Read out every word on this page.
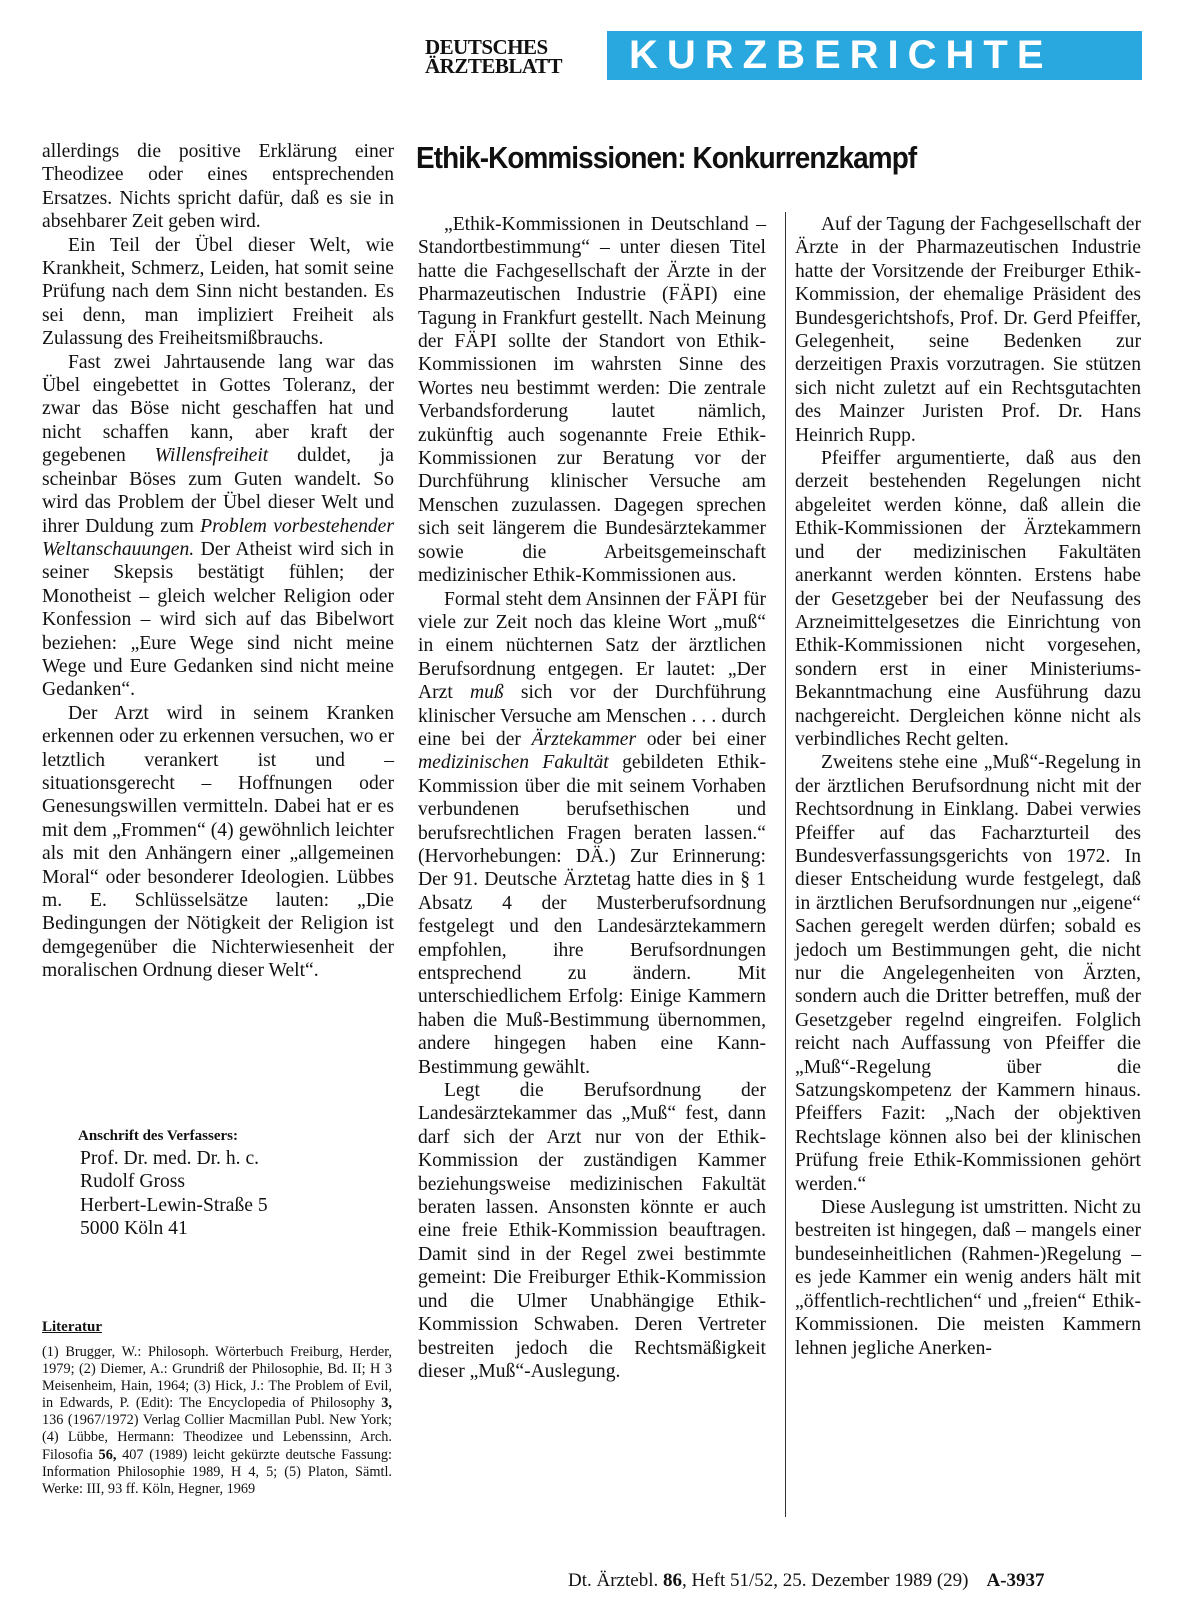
DEUTSCHES
ÄRZTEBLATT	KURZBERICHTE

allerdings die positive Erklärung einer Theodizee oder eines entsprechenden Ersatzes. Nichts spricht dafür, daß es sie in absehbarer Zeit geben wird.

Ein Teil der Übel dieser Welt, wie Krankheit, Schmerz, Leiden, hat somit seine Prüfung nach dem Sinn nicht bestanden. Es sei denn, man impliziert Freiheit als Zulassung des Freiheitsmißbrauchs.

Fast zwei Jahrtausende lang war das Übel eingebettet in Gottes Toleranz, der zwar das Böse nicht geschaffen hat und nicht schaffen kann, aber kraft der gegebenen Willensfreiheit duldet, ja scheinbar Böses zum Guten wandelt. So wird das Problem der Übel dieser Welt und ihrer Duldung zum Problem vorbestehender Weltanschauungen. Der Atheist wird sich in seiner Skepsis bestätigt fühlen; der Monotheist – gleich welcher Religion oder Konfession – wird sich auf das Bibelwort beziehen: „Eure Wege sind nicht meine Wege und Eure Gedanken sind nicht meine Gedanken“.

Der Arzt wird in seinem Kranken erkennen oder zu erkennen versuchen, wo er letztlich verankert ist und – situationsgerecht – Hoffnungen oder Genesungswillen vermitteln. Dabei hat er es mit dem „Frommen“ (4) gewöhnlich leichter als mit den Anhängern einer „allgemeinen Moral“ oder besonderer Ideologien. Lübbes m. E. Schlüsselsätze lauten: „Die Bedingungen der Nötigkeit der Religion ist demgegenüber die Nichterwiesenheit der moralischen Ordnung dieser Welt“.

Anschrift des Verfassers:
Prof. Dr. med. Dr. h. c.
Rudolf Gross
Herbert-Lewin-Straße 5
5000 Köln 41
Literatur
(1) Brugger, W.: Philosoph. Wörterbuch Freiburg, Herder, 1979; (2) Diemer, A.: Grundriß der Philosophie, Bd. II; H 3 Meisenheim, Hain, 1964; (3) Hick, J.: The Problem of Evil, in Edwards, P. (Edit): The Encyclopedia of Philosophy 3, 136 (1967/1972) Verlag Collier Macmillan Publ. New York; (4) Lübbe, Hermann: Theodizee und Lebenssinn, Arch. Filosofia 56, 407 (1989) leicht gekürzte deutsche Fassung: Information Philosophie 1989, H 4, 5; (5) Platon, Sämtl. Werke: III, 93 ff. Köln, Hegner, 1969
Ethik-Kommissionen: Konkurrenzkampf

„Ethik-Kommissionen in Deutschland – Standortbestimmung“ – unter diesen Titel hatte die Fachgesellschaft der Ärzte in der Pharmazeutischen Industrie (FÄPI) eine Tagung in Frankfurt gestellt. Nach Meinung der FÄPI sollte der Standort von Ethik-Kommissionen im wahrsten Sinne des Wortes neu bestimmt werden: Die zentrale Verbandsforderung lautet nämlich, zukünftig auch sogenannte Freie Ethik-Kommissionen zur Beratung vor der Durchführung klinischer Versuche am Menschen zuzulassen. Dagegen sprechen sich seit längerem die Bundesärztekammer sowie die Arbeitsgemeinschaft medizinischer Ethik-Kommissionen aus.

Formal steht dem Ansinnen der FÄPI für viele zur Zeit noch das kleine Wort „muß“ in einem nüchternen Satz der ärztlichen Berufsordnung entgegen. Er lautet: „Der Arzt muß sich vor der Durchführung klinischer Versuche am Menschen . . . durch eine bei der Ärztekammer oder bei einer medizinischen Fakultät gebildeten Ethik-Kommission über die mit seinem Vorhaben verbundenen berufsethischen und berufsrechtlichen Fragen beraten lassen.“ (Hervorhebungen: DÄ.) Zur Erinnerung: Der 91. Deutsche Ärztetag hatte dies in § 1 Absatz 4 der Musterberufsordnung festgelegt und den Landesärztekammern empfohlen, ihre Berufsordnungen entsprechend zu ändern. Mit unterschiedlichem Erfolg: Einige Kammern haben die Muß-Bestimmung übernommen, andere hingegen haben eine Kann-Bestimmung gewählt.

Legt die Berufsordnung der Landesärztekammer das „Muß“ fest, dann darf sich der Arzt nur von der Ethik-Kommission der zuständigen Kammer beziehungsweise medizinischen Fakultät beraten lassen. Ansonsten könnte er auch eine freie Ethik-Kommission beauftragen. Damit sind in der Regel zwei bestimmte gemeint: Die Freiburger Ethik-Kommission und die Ulmer Unabhängige Ethik-Kommission Schwaben. Deren Vertreter bestreiten jedoch die Rechtsmäßigkeit dieser „Muß“-Auslegung.

Auf der Tagung der Fachgesellschaft der Ärzte in der Pharmazeutischen Industrie hatte der Vorsitzende der Freiburger Ethik-Kommission, der ehemalige Präsident des Bundesgerichtshofs, Prof. Dr. Gerd Pfeiffer, Gelegenheit, seine Bedenken zur derzeitigen Praxis vorzutragen. Sie stützen sich nicht zuletzt auf ein Rechtsgutachten des Mainzer Juristen Prof. Dr. Hans Heinrich Rupp.

Pfeiffer argumentierte, daß aus den derzeit bestehenden Regelungen nicht abgeleitet werden könne, daß allein die Ethik-Kommissionen der Ärztekammern und der medizinischen Fakultäten anerkannt werden könnten. Erstens habe der Gesetzgeber bei der Neufassung des Arzneimittelgesetzes die Einrichtung von Ethik-Kommissionen nicht vorgesehen, sondern erst in einer Ministeriums-Bekanntmachung eine Ausführung dazu nachgereicht. Dergleichen könne nicht als verbindliches Recht gelten.

Zweitens stehe eine „Muß“-Regelung in der ärztlichen Berufsordnung nicht mit der Rechtsordnung in Einklang. Dabei verwies Pfeiffer auf das Facharzturteil des Bundesverfassungsgerichts von 1972. In dieser Entscheidung wurde festgelegt, daß in ärztlichen Berufsordnungen nur „eigene“ Sachen geregelt werden dürfen; sobald es jedoch um Bestimmungen geht, die nicht nur die Angelegenheiten von Ärzten, sondern auch die Dritter betreffen, muß der Gesetzgeber regelnd eingreifen. Folglich reicht nach Auffassung von Pfeiffer die „Muß“-Regelung über die Satzungskompetenz der Kammern hinaus. Pfeiffers Fazit: „Nach der objektiven Rechtslage können also bei der klinischen Prüfung freie Ethik-Kommissionen gehört werden.“

Diese Auslegung ist umstritten. Nicht zu bestreiten ist hingegen, daß – mangels einer bundeseinheitlichen (Rahmen-)Regelung – es jede Kammer ein wenig anders hält mit „öffentlich-rechtlichen“ und „freien“ Ethik-Kommissionen. Die meisten Kammern lehnen jegliche Anerken-

Dt. Ärztebl. 86, Heft 51/52, 25. Dezember 1989 (29) A-3937
